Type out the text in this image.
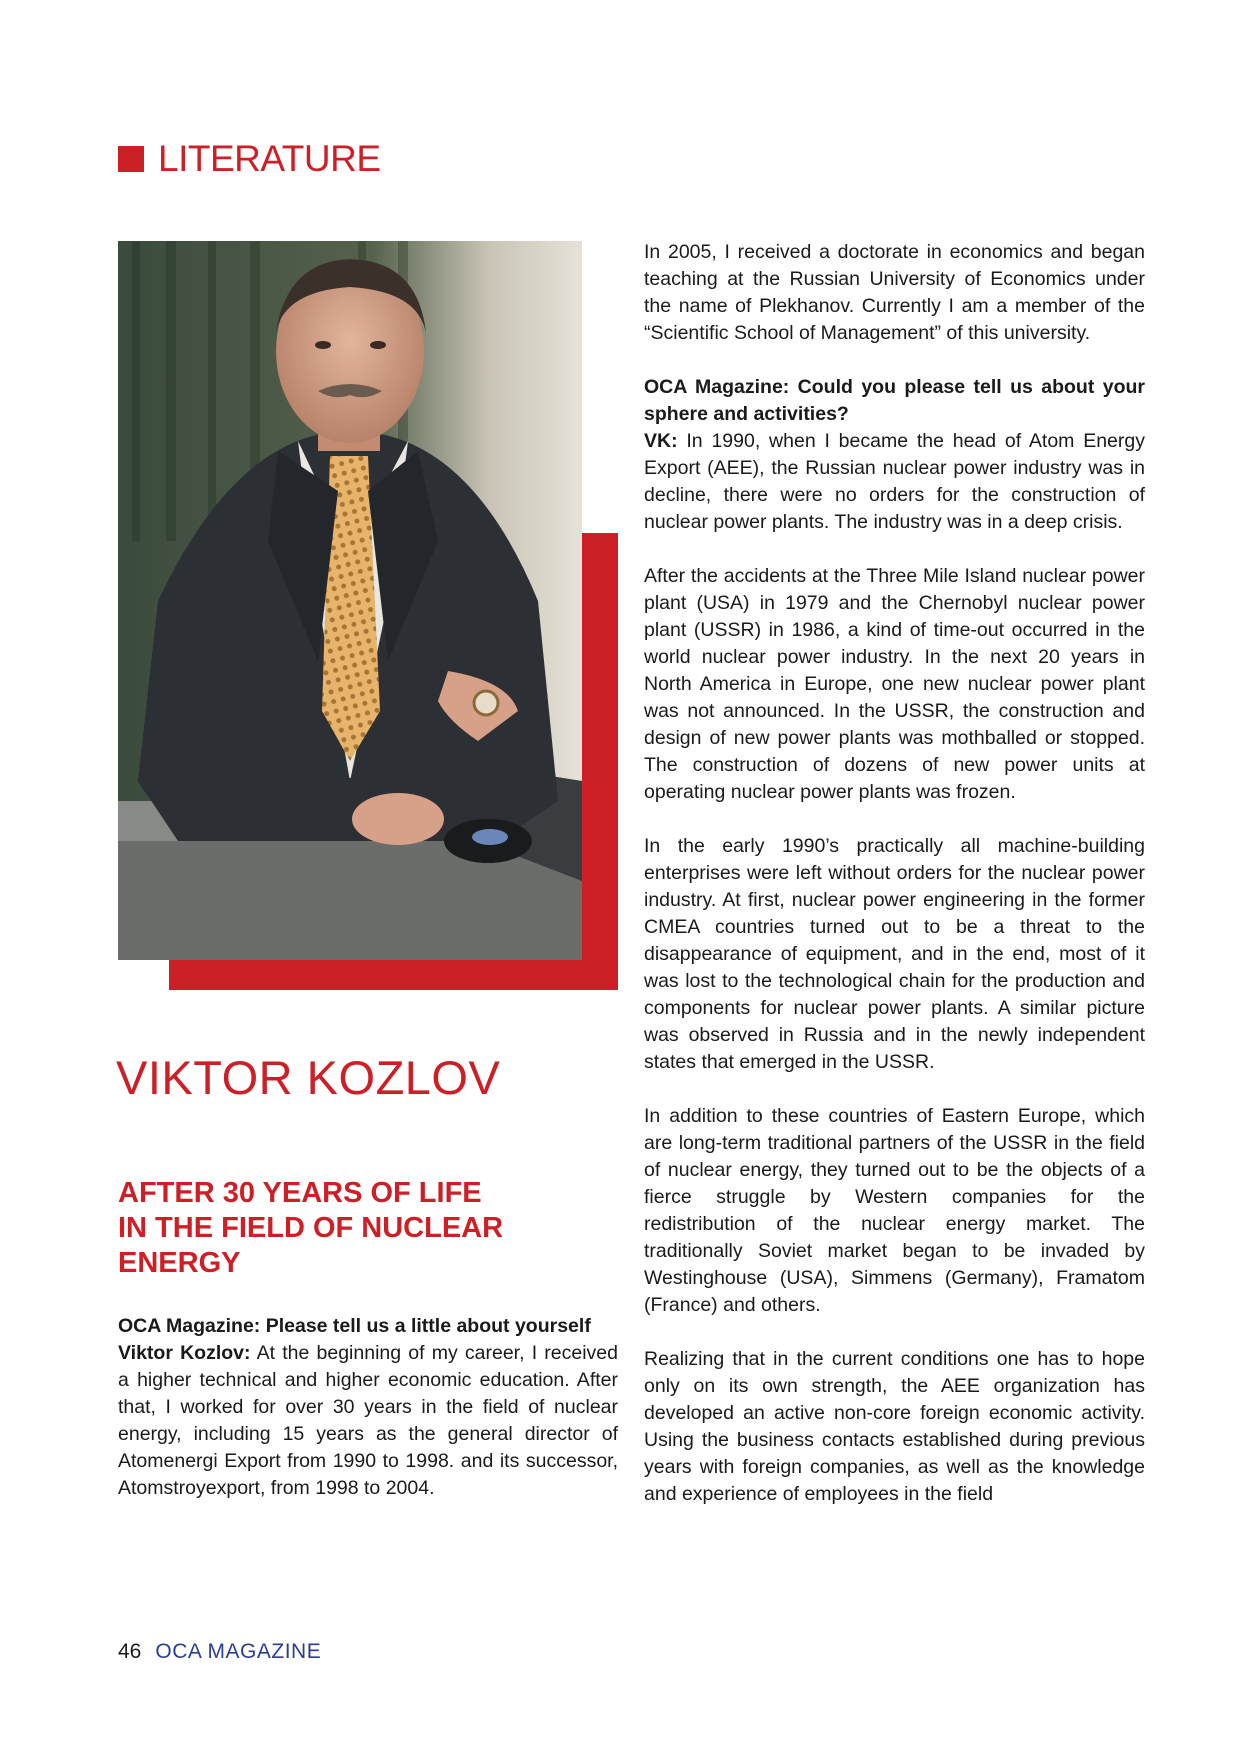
LITERATURE
VIKTOR KOZLOV
AFTER 30 YEARS OF LIFE
IN THE FIELD OF NUCLEAR
ENERGY
OCA Magazine: Please tell us a little about yourself
Viktor Kozlov: At the beginning of my career, I received a higher technical and higher economic education. After that, I worked for over 30 years in the field of nuclear energy, including 15 years as the general director of Atomenergi Export from 1990 to 1998. and its successor, Atomstroyexport, from 1998 to 2004.
In 2005, I received a doctorate in economics and began teaching at the Russian University of Economics under the name of Plekhanov. Currently I am a member of the “Scientific School of Management” of this university.
OCA Magazine: Could you please tell us about your sphere and activities?
VK: In 1990, when I became the head of Atom Energy Export (AEE), the Russian nuclear power industry was in decline, there were no orders for the construction of nuclear power plants. The industry was in a deep crisis.
After the accidents at the Three Mile Island nuclear power plant (USA) in 1979 and the Chernobyl nuclear power plant (USSR) in 1986, a kind of time-out occurred in the world nuclear power industry. In the next 20 years in North America in Europe, one new nuclear power plant was not announced. In the USSR, the construction and design of new power plants was mothballed or stopped. The construction of dozens of new power units at operating nuclear power plants was frozen.
In the early 1990’s practically all machine-building enterprises were left without orders for the nuclear power industry. At first, nuclear power engineering in the former CMEA countries turned out to be a threat to the disappearance of equipment, and in the end, most of it was lost to the technological chain for the production and components for nuclear power plants. A similar picture was observed in Russia and in the newly independent states that emerged in the USSR.
In addition to these countries of Eastern Europe, which are long-term traditional partners of the USSR in the field of nuclear energy, they turned out to be the objects of a fierce struggle by Western companies for the redistribution of the nuclear energy market. The traditionally Soviet market began to be invaded by Westinghouse (USA), Simmens (Germany), Framatom (France) and others.
Realizing that in the current conditions one has to hope only on its own strength, the AEE organization has developed an active non-core foreign economic activity. Using the business contacts established during previous years with foreign companies, as well as the knowledge and experience of employees in the field
46 OCA MAGAZINE
